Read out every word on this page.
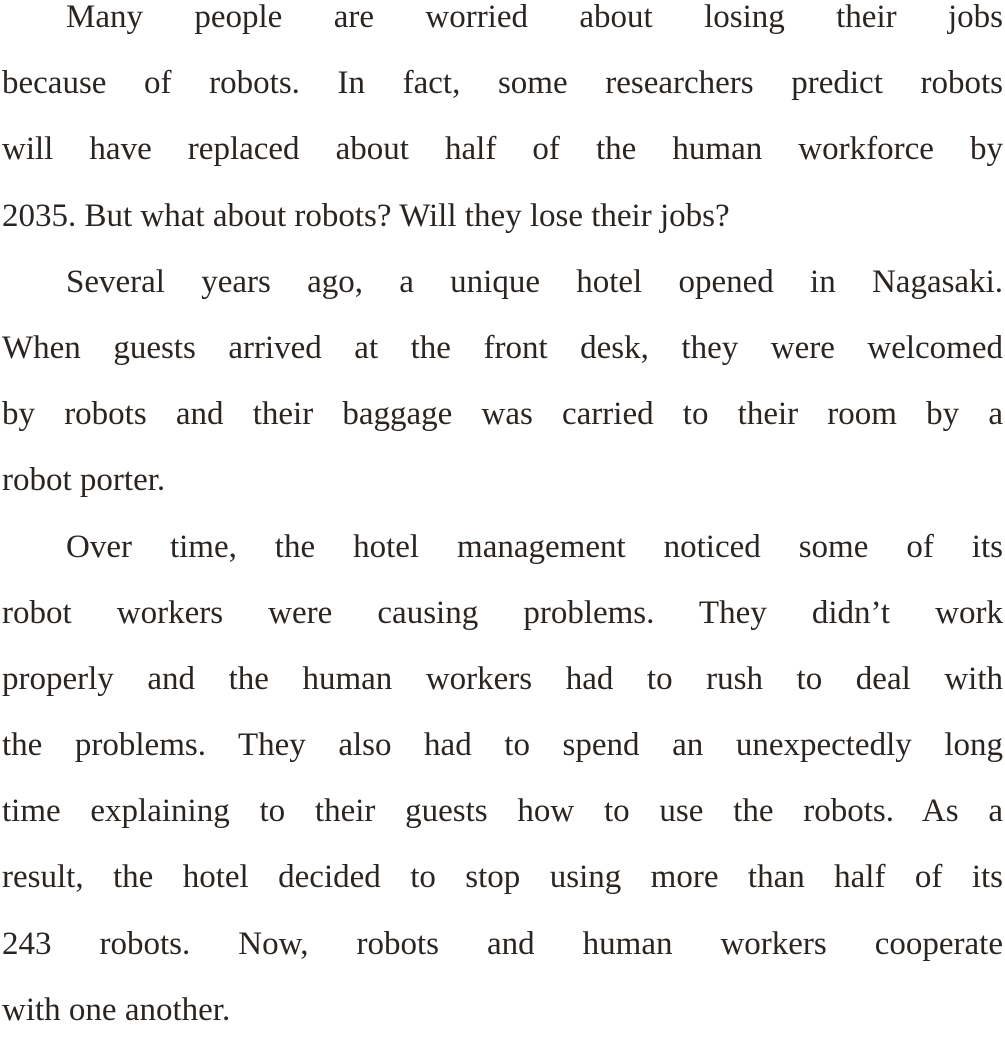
Many people are worried about losing their jobs
because of robots. In fact, some researchers predict robots
will have replaced about half of the human workforce by
2035. But what about robots? Will they lose their jobs?
Several years ago, a unique hotel opened in Nagasaki.
When guests arrived at the front desk, they were welcomed
by robots and their baggage was carried to their room by a
robot porter.
Over time, the hotel management noticed some of its
robot workers were causing problems. They didn’t work
properly and the human workers had to rush to deal with
the problems. They also had to spend an unexpectedly long
time explaining to their guests how to use the robots. As a
result, the hotel decided to stop using more than half of its
243 robots. Now, robots and human workers cooperate
with one another.
